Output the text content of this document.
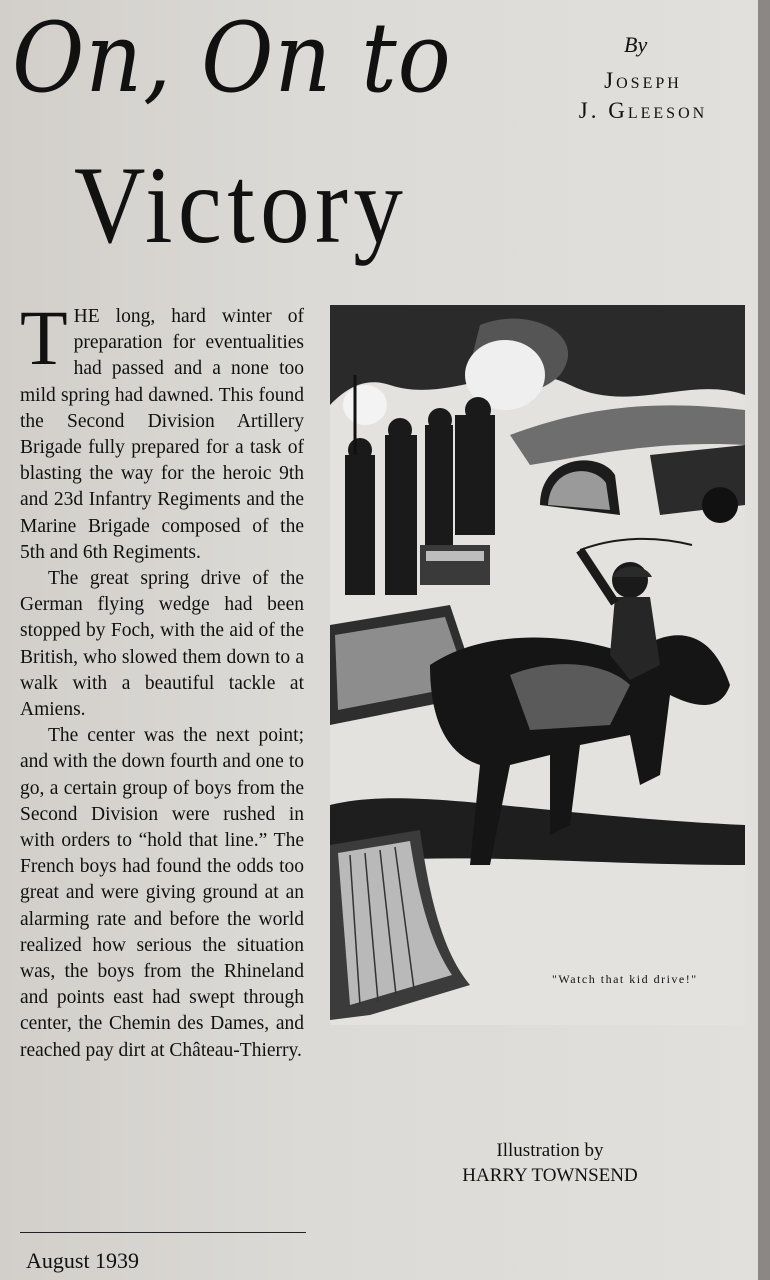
On, On to
Victory
By
Joseph
J. Gleeson

THE long, hard winter of preparation for eventualities had passed and a none too mild spring had dawned. This found the Second Division Artillery Brigade fully prepared for a task of blasting the way for the heroic 9th and 23d Infantry Regiments and the Marine Brigade composed of the 5th and 6th Regiments.

The great spring drive of the German flying wedge had been stopped by Foch, with the aid of the British, who slowed them down to a walk with a beautiful tackle at Amiens.

The center was the next point; and with the down fourth and one to go, a certain group of boys from the Second Division were rushed in with orders to “hold that line.” The French boys had found the odds too great and were giving ground at an alarming rate and before the world realized how serious the situation was, the boys from the Rhineland and points east had swept through center, the Chemin des Dames, and reached pay dirt at Château-Thierry.

"Watch that kid drive!"
Illustration by
HARRY TOWNSEND
August 1939
